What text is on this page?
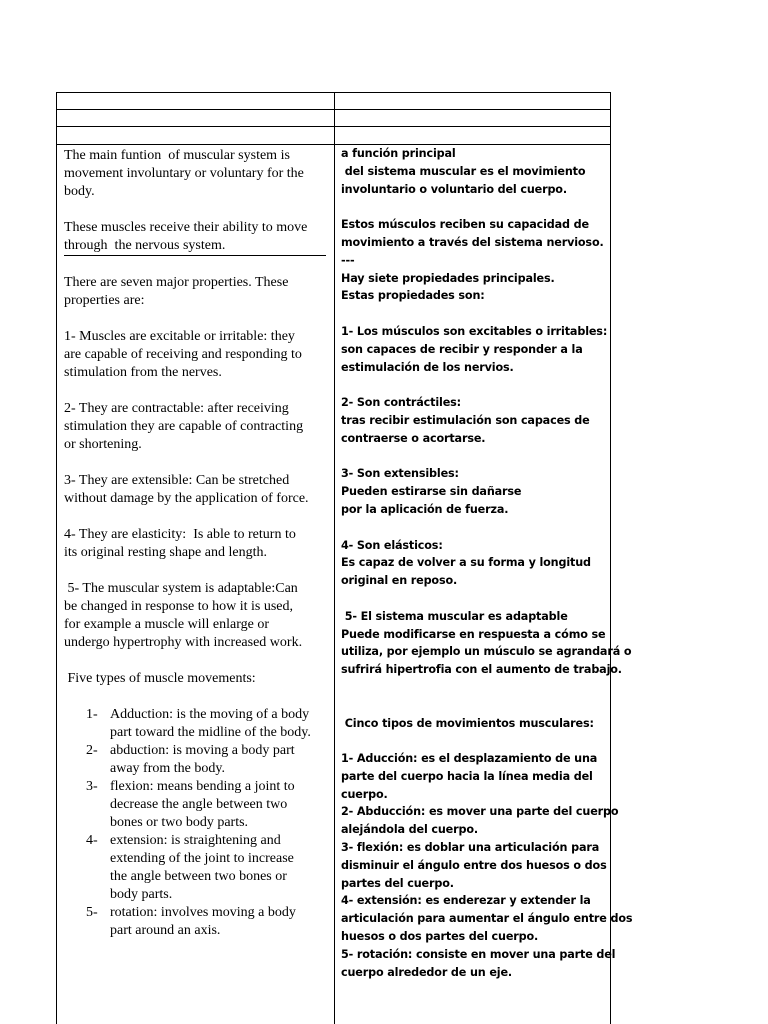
The main funtion  of muscular system is
movement involuntary or voluntary for the
body.
These muscles receive their ability to move
through  the nervous system.
There are seven major properties. These
properties are:
1- Muscles are excitable or irritable: they
are capable of receiving and responding to
stimulation from the nerves.
2- They are contractable: after receiving
stimulation they are capable of contracting
or shortening.
3- They are extensible: Can be stretched
without damage by the application of force.
4- They are elasticity:  Is able to return to
its original resting shape and length.
5- The muscular system is adaptable:Can
be changed in response to how it is used,
for example a muscle will enlarge or
undergo hypertrophy with increased work.
Five types of muscle movements:
1- Adduction: is the moving of a body
part toward the midline of the body.
2- abduction: is moving a body part
away from the body.
3- flexion: means bending a joint to
decrease the angle between two
bones or two body parts.
4- extension: is straightening and
extending of the joint to increase
the angle between two bones or
body parts.
5- rotation: involves moving a body
part around an axis.
a función principal
del sistema muscular es el movimiento
involuntario o voluntario del cuerpo.
Estos músculos reciben su capacidad de
movimiento a través del sistema nervioso.
---
Hay siete propiedades principales.
Estas propiedades son:
1- Los músculos son excitables o irritables:
son capaces de recibir y responder a la
estimulación de los nervios.
2- Son contráctiles:
tras recibir estimulación son capaces de
contraerse o acortarse.
3- Son extensibles:
Pueden estirarse sin dañarse
por la aplicación de fuerza.
4- Son elásticos:
Es capaz de volver a su forma y longitud
original en reposo.
5- El sistema muscular es adaptable
Puede modificarse en respuesta a cómo se
utiliza, por ejemplo un músculo se agrandará o
sufrirá hipertrofia con el aumento de trabajo.
Cinco tipos de movimientos musculares:
1- Aducción: es el desplazamiento de una
parte del cuerpo hacia la línea media del
cuerpo.
2- Abducción: es mover una parte del cuerpo
alejándola del cuerpo.
3- flexión: es doblar una articulación para
disminuir el ángulo entre dos huesos o dos
partes del cuerpo.
4- extensión: es enderezar y extender la
articulación para aumentar el ángulo entre dos
huesos o dos partes del cuerpo.
5- rotación: consiste en mover una parte del
cuerpo alrededor de un eje.
